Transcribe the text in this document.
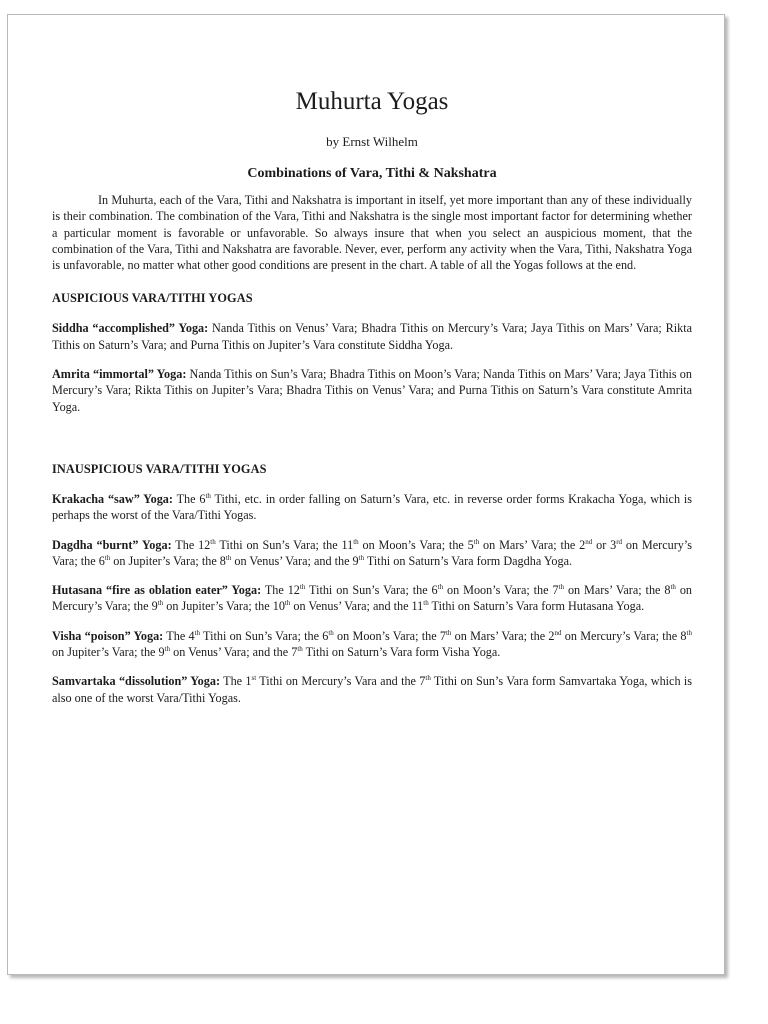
Muhurta Yogas
by Ernst Wilhelm
Combinations of Vara, Tithi & Nakshatra

In Muhurta, each of the Vara, Tithi and Nakshatra is important in itself, yet more important than any of these individually is their combination. The combination of the Vara, Tithi and Nakshatra is the single most important factor for determining whether a particular moment is favorable or unfavorable. So always insure that when you select an auspicious moment, that the combination of the Vara, Tithi and Nakshatra are favorable. Never, ever, perform any activity when the Vara, Tithi, Nakshatra Yoga is unfavorable, no matter what other good conditions are present in the chart. A table of all the Yogas follows at the end.

AUSPICIOUS VARA/TITHI YOGAS

Siddha “accomplished” Yoga: Nanda Tithis on Venus’ Vara; Bhadra Tithis on Mercury’s Vara; Jaya Tithis on Mars’ Vara; Rikta Tithis on Saturn’s Vara; and Purna Tithis on Jupiter’s Vara constitute Siddha Yoga.

Amrita “immortal” Yoga: Nanda Tithis on Sun’s Vara; Bhadra Tithis on Moon’s Vara; Nanda Tithis on Mars’ Vara; Jaya Tithis on Mercury’s Vara; Rikta Tithis on Jupiter’s Vara; Bhadra Tithis on Venus’ Vara; and Purna Tithis on Saturn’s Vara constitute Amrita Yoga.

INAUSPICIOUS VARA/TITHI YOGAS

Krakacha “saw” Yoga: The 6th Tithi, etc. in order falling on Saturn’s Vara, etc. in reverse order forms Krakacha Yoga, which is perhaps the worst of the Vara/Tithi Yogas.

Dagdha “burnt” Yoga: The 12th Tithi on Sun’s Vara; the 11th on Moon’s Vara; the 5th on Mars’ Vara; the 2nd or 3rd on Mercury’s Vara; the 6th on Jupiter’s Vara; the 8th on Venus’ Vara; and the 9th Tithi on Saturn’s Vara form Dagdha Yoga.

Hutasana “fire as oblation eater” Yoga: The 12th Tithi on Sun’s Vara; the 6th on Moon’s Vara; the 7th on Mars’ Vara; the 8th on Mercury’s Vara; the 9th on Jupiter’s Vara; the 10th on Venus’ Vara; and the 11th Tithi on Saturn’s Vara form Hutasana Yoga.

Visha “poison” Yoga: The 4th Tithi on Sun’s Vara; the 6th on Moon’s Vara; the 7th on Mars’ Vara; the 2nd on Mercury’s Vara; the 8th on Jupiter’s Vara; the 9th on Venus’ Vara; and the 7th Tithi on Saturn’s Vara form Visha Yoga.

Samvartaka “dissolution” Yoga: The 1st Tithi on Mercury’s Vara and the 7th Tithi on Sun’s Vara form Samvartaka Yoga, which is also one of the worst Vara/Tithi Yogas.
